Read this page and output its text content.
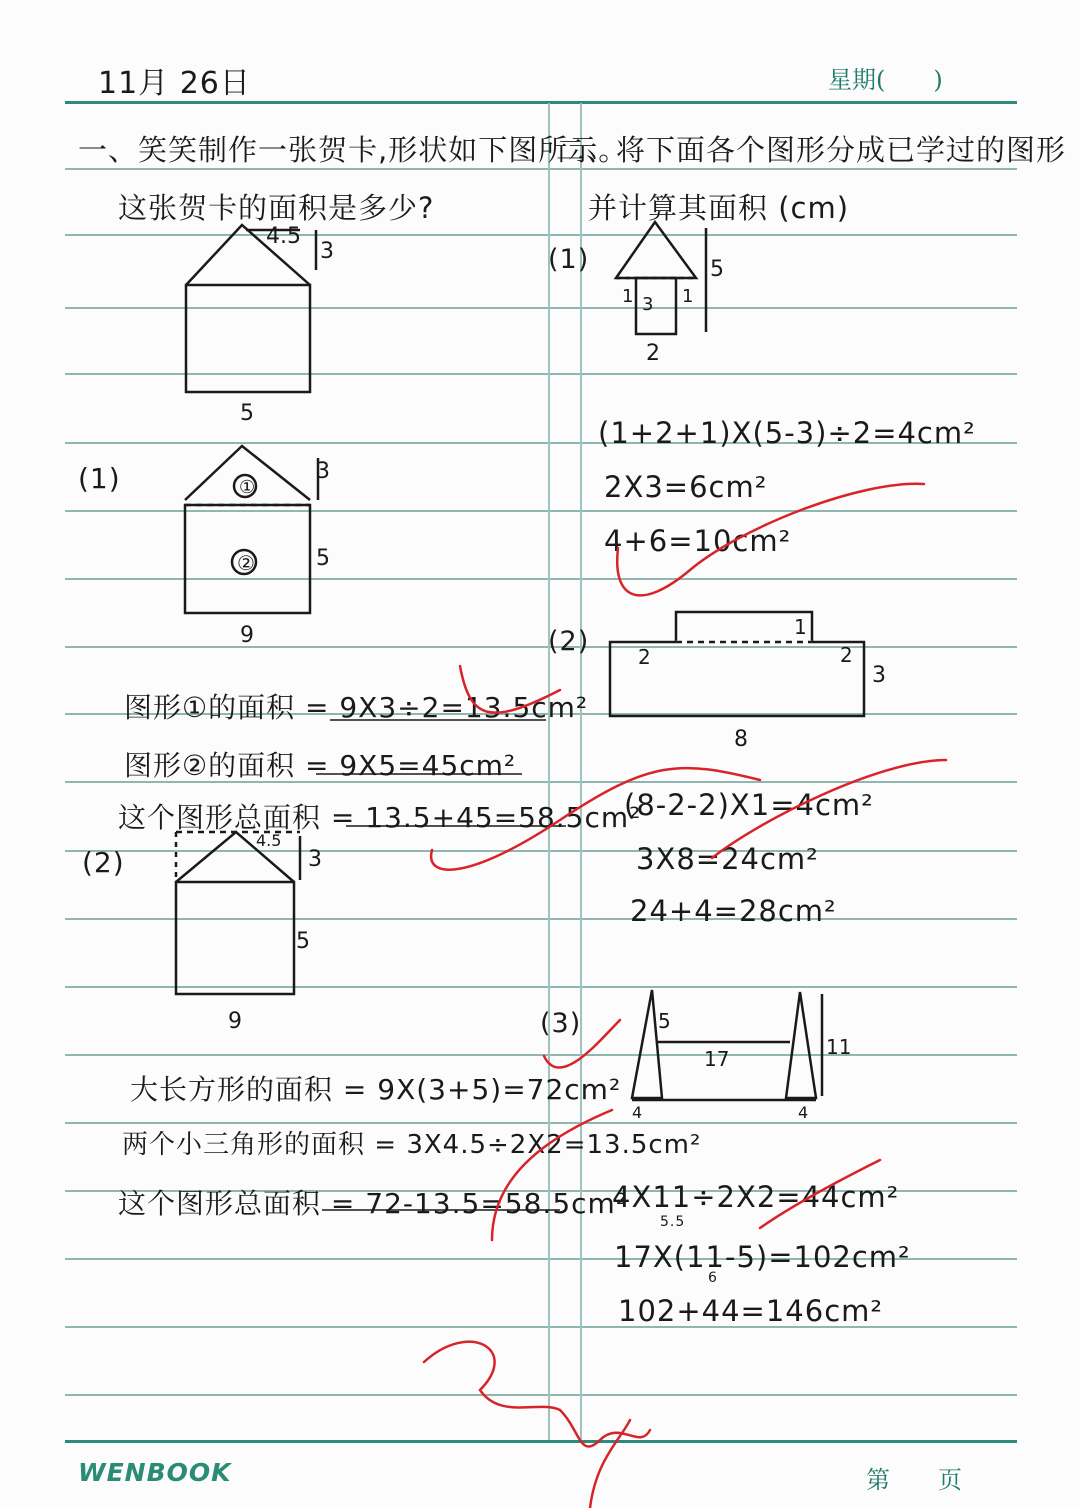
11月 26日	星期(　　)
一、笑笑制作一张贺卡,形状如下图所示。
这张贺卡的面积是多少?
二、将下面各个图形分成已学过的图形
并计算其面积 (cm)
(1)
(2)
图形①的面积 = 9X3÷2=13.5cm²
图形②的面积 = 9X5=45cm²
这个图形总面积 = 13.5+45=58.5cm²
大长方形的面积 = 9X(3+5)=72cm²
两个小三角形的面积 = 3X4.5÷2X2=13.5cm²
这个图形总面积 = 72-13.5=58.5cm²
(1)
(2)
(3)
(1+2+1)X(5-3)÷2=4cm²
2X3=6cm²
4+6=10cm²
(8-2-2)X1=4cm²
3X8=24cm²
24+4=28cm²
4X11÷2X2=44cm²
17X(11-5)=102cm²
102+44=146cm²
5.5
6
WENBOOK	第　　页
4.5
3
5
①
②
3
5
9
4.5
3
5
9
5
1 3 1
2
1
2	2
3
8
5
17	11
4	4
